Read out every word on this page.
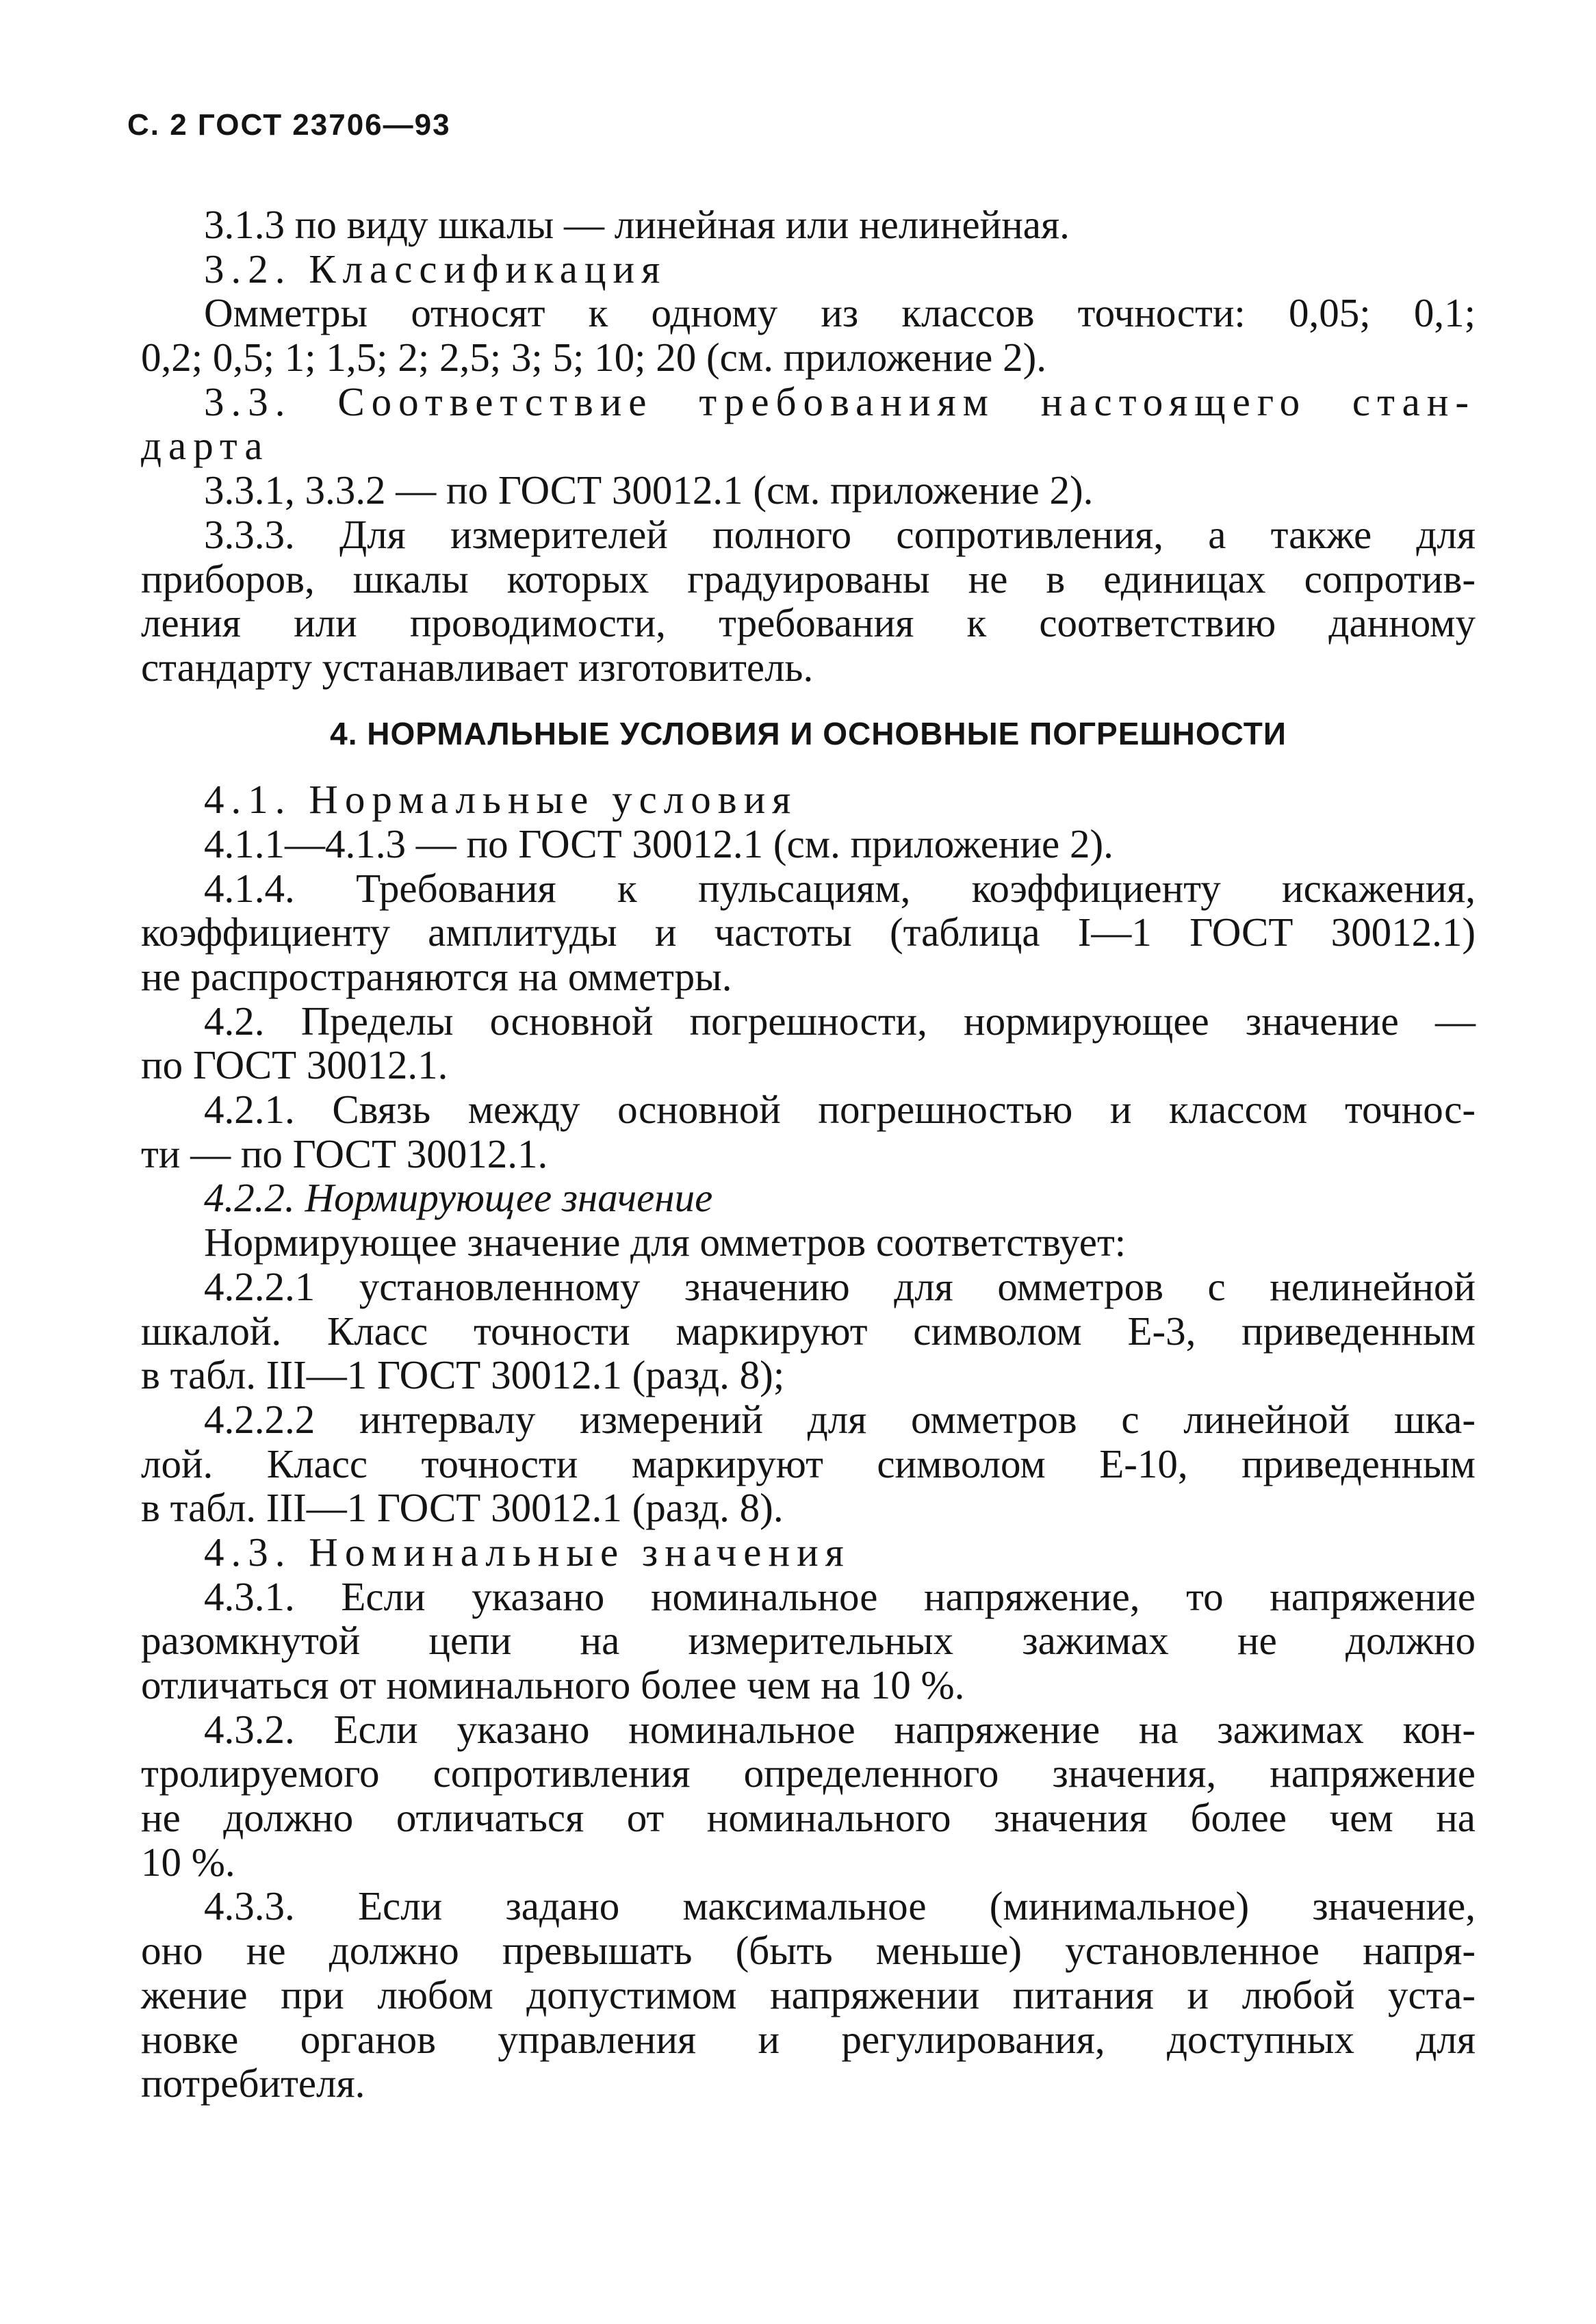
С. 2 ГОСТ 23706—93
3.1.3 по виду шкалы — линейная или нелинейная.
3.2. Классификация
Омметры относят к одному из классов точности: 0,05; 0,1;
0,2; 0,5; 1; 1,5; 2; 2,5; 3; 5; 10; 20 (см. приложение 2).
3.3. Соответствие требованиям настоящего стан-
дарта
3.3.1, 3.3.2 — по ГОСТ 30012.1 (см. приложение 2).
3.3.3. Для измерителей полного сопротивления, а также для
приборов, шкалы которых градуированы не в единицах сопротив-
ления или проводимости, требования к соответствию данному
стандарту устанавливает изготовитель.
4. НОРМАЛЬНЫЕ УСЛОВИЯ И ОСНОВНЫЕ ПОГРЕШНОСТИ
4.1. Нормальные условия
4.1.1—4.1.3 — по ГОСТ 30012.1 (см. приложение 2).
4.1.4. Требования к пульсациям, коэффициенту искажения,
коэффициенту амплитуды и частоты (таблица I—1 ГОСТ 30012.1)
не распространяются на омметры.
4.2. Пределы основной погрешности, нормирующее значение —
по ГОСТ 30012.1.
4.2.1. Связь между основной погрешностью и классом точнос-
ти — по ГОСТ 30012.1.
4.2.2. Нормирующее значение
Нормирующее значение для омметров соответствует:
4.2.2.1 установленному значению для омметров с нелинейной
шкалой. Класс точности маркируют символом Е-3, приведенным
в табл. III—1 ГОСТ 30012.1 (разд. 8);
4.2.2.2 интервалу измерений для омметров с линейной шка-
лой. Класс точности маркируют символом Е-10, приведенным
в табл. III—1 ГОСТ 30012.1 (разд. 8).
4.3. Номинальные значения
4.3.1. Если указано номинальное напряжение, то напряжение
разомкнутой цепи на измерительных зажимах не должно
отличаться от номинального более чем на 10 %.
4.3.2. Если указано номинальное напряжение на зажимах кон-
тролируемого сопротивления определенного значения, напряжение
не должно отличаться от номинального значения более чем на
10 %.
4.3.3. Если задано максимальное (минимальное) значение,
оно не должно превышать (быть меньше) установленное напря-
жение при любом допустимом напряжении питания и любой уста-
новке органов управления и регулирования, доступных для
потребителя.
